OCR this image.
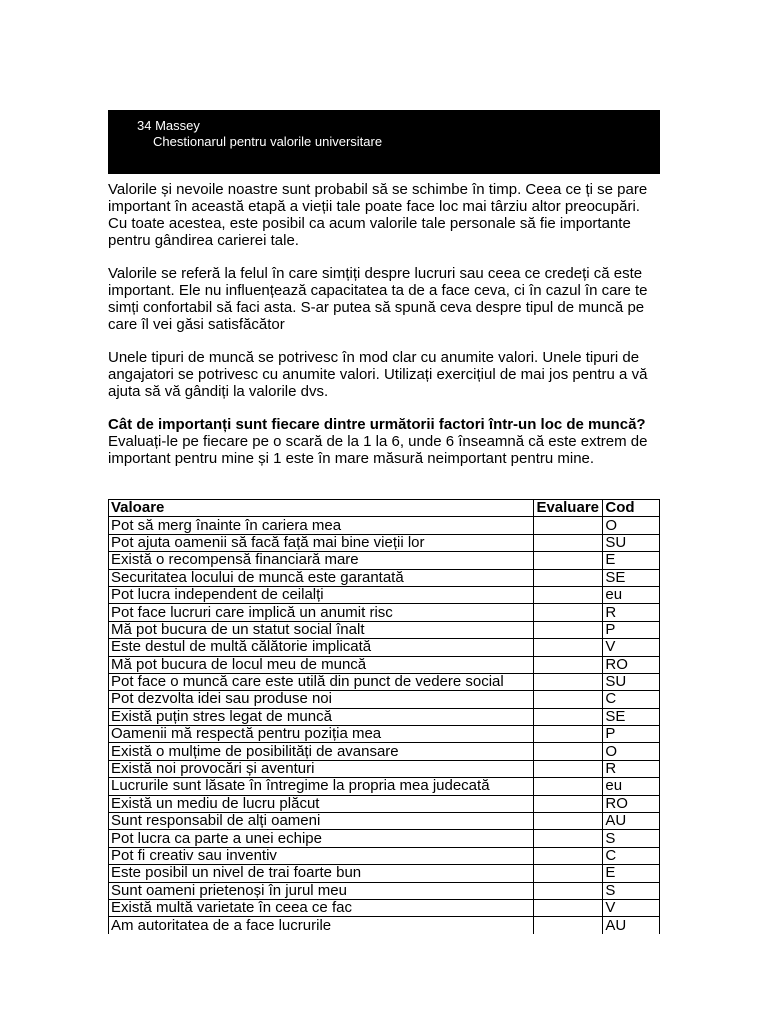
34 Massey
Chestionarul pentru valorile universitare

Valorile și nevoile noastre sunt probabil să se schimbe în timp. Ceea ce ți se pare important în această etapă a vieții tale poate face loc mai târziu altor preocupări. Cu toate acestea, este posibil ca acum valorile tale personale să fie importante pentru gândirea carierei tale.

Valorile se referă la felul în care simțiți despre lucruri sau ceea ce credeți că este important. Ele nu influențează capacitatea ta de a face ceva, ci în cazul în care te simți confortabil să faci asta. S-ar putea să spună ceva despre tipul de muncă pe care îl vei găsi satisfăcător

Unele tipuri de muncă se potrivesc în mod clar cu anumite valori. Unele tipuri de angajatori se potrivesc cu anumite valori. Utilizați exercițiul de mai jos pentru a vă ajuta să vă gândiți la valorile dvs.

Cât de importanți sunt fiecare dintre următorii factori într-un loc de muncă? Evaluați-le pe fiecare pe o scară de la 1 la 6, unde 6 înseamnă că este extrem de important pentru mine și 1 este în mare măsură neimportant pentru mine.

Valoare	Evaluare	Cod
Pot să merg înainte în cariera mea		O
Pot ajuta oamenii să facă față mai bine vieții lor		SU
Există o recompensă financiară mare		E
Securitatea locului de muncă este garantată		SE
Pot lucra independent de ceilalți		eu
Pot face lucruri care implică un anumit risc		R
Mă pot bucura de un statut social înalt		P
Este destul de multă călătorie implicată		V
Mă pot bucura de locul meu de muncă		RO
Pot face o muncă care este utilă din punct de vedere social		SU
Pot dezvolta idei sau produse noi		C
Există puțin stres legat de muncă		SE
Oamenii mă respectă pentru poziția mea		P
Există o mulțime de posibilități de avansare		O
Există noi provocări și aventuri		R
Lucrurile sunt lăsate în întregime la propria mea judecată		eu
Există un mediu de lucru plăcut		RO
Sunt responsabil de alți oameni		AU
Pot lucra ca parte a unei echipe		S
Pot fi creativ sau inventiv		C
Este posibil un nivel de trai foarte bun		E
Sunt oameni prietenoși în jurul meu		S
Există multă varietate în ceea ce fac		V
Am autoritatea de a face lucrurile		AU
